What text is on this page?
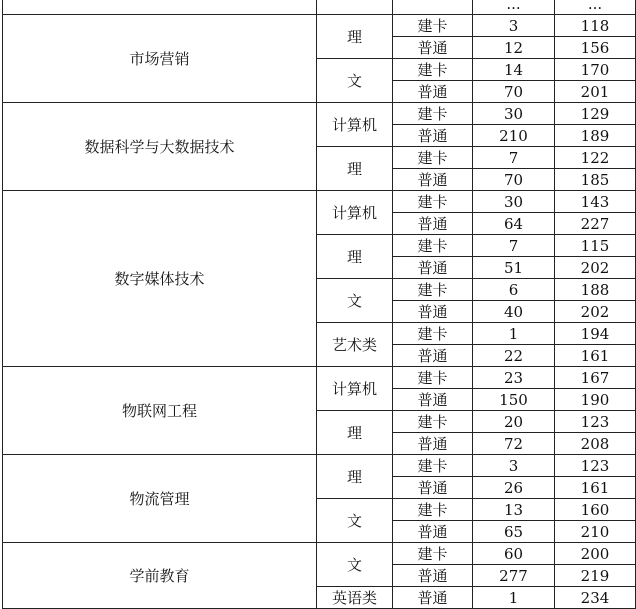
			...	...
市场营销	理	建卡	3	118
		普通	12	156
	文	建卡	14	170
		普通	70	201
数据科学与大数据技术	计算机	建卡	30	129
		普通	210	189
	理	建卡	7	122
		普通	70	185
数字媒体技术	计算机	建卡	30	143
		普通	64	227
	理	建卡	7	115
		普通	51	202
	文	建卡	6	188
		普通	40	202
	艺术类	建卡	1	194
		普通	22	161
物联网工程	计算机	建卡	23	167
		普通	150	190
	理	建卡	20	123
		普通	72	208
物流管理	理	建卡	3	123
		普通	26	161
	文	建卡	13	160
		普通	65	210
学前教育	文	建卡	60	200
		普通	277	219
	英语类	普通	1	234
